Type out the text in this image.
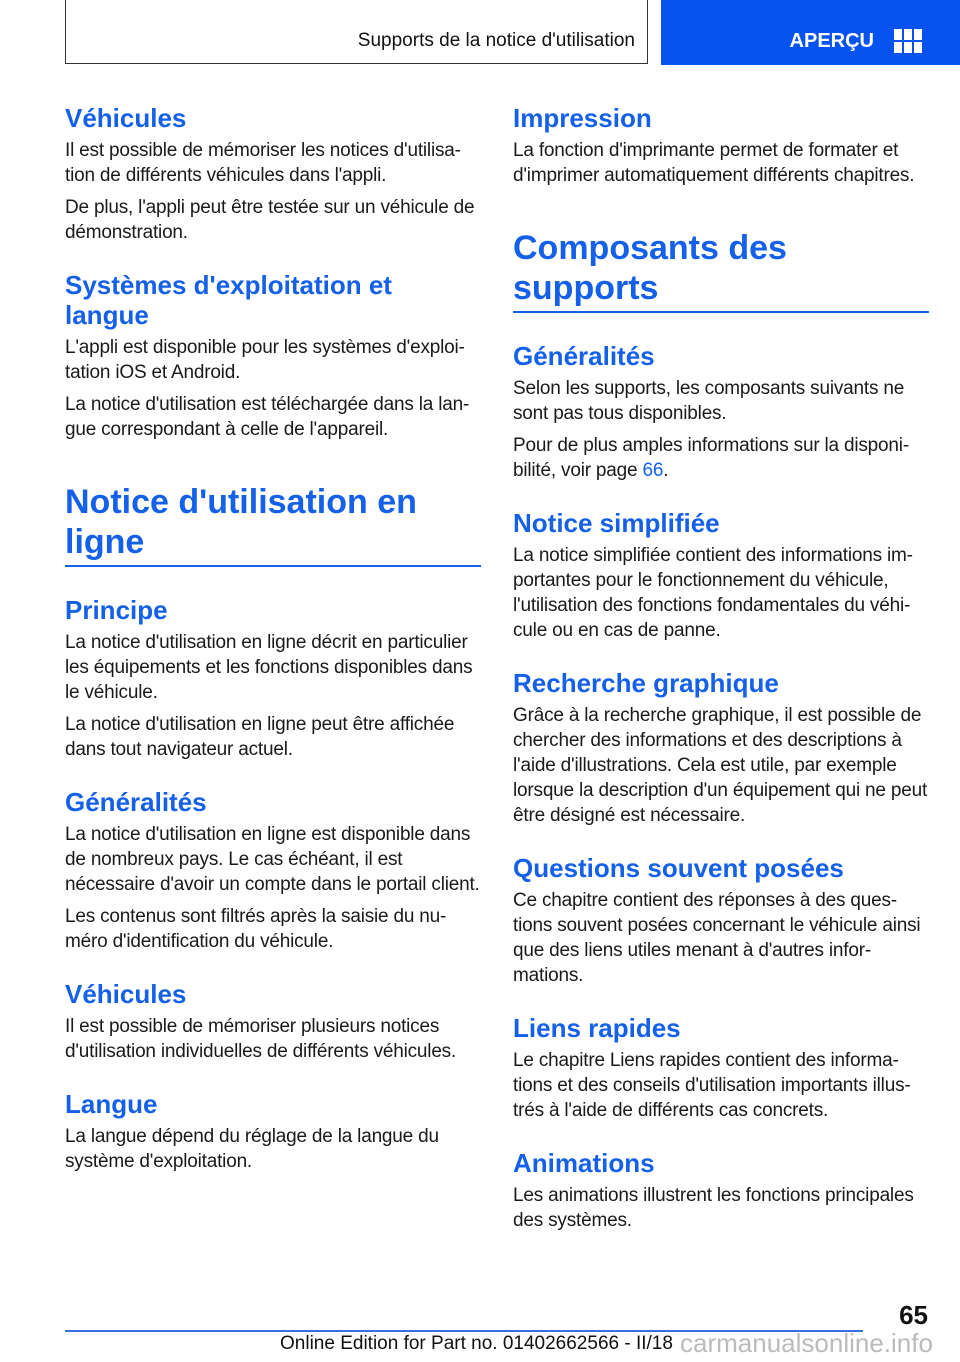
Supports de la notice d'utilisation	APERÇU
Véhicules
Il est possible de mémoriser les notices d'utilisation de différents véhicules dans l'appli.
De plus, l'appli peut être testée sur un véhicule de démonstration.
Systèmes d'exploitation et langue
L'appli est disponible pour les systèmes d'exploitation iOS et Android.
La notice d'utilisation est téléchargée dans la langue correspondant à celle de l'appareil.
Notice d'utilisation en ligne
Principe
La notice d'utilisation en ligne décrit en particulier les équipements et les fonctions disponibles dans le véhicule.
La notice d'utilisation en ligne peut être affichée dans tout navigateur actuel.
Généralités
La notice d'utilisation en ligne est disponible dans de nombreux pays. Le cas échéant, il est nécessaire d'avoir un compte dans le portail client.
Les contenus sont filtrés après la saisie du numéro d'identification du véhicule.
Véhicules
Il est possible de mémoriser plusieurs notices d'utilisation individuelles de différents véhicules.
Langue
La langue dépend du réglage de la langue du système d'exploitation.
Impression
La fonction d'imprimante permet de formater et d'imprimer automatiquement différents chapitres.
Composants des supports
Généralités
Selon les supports, les composants suivants ne sont pas tous disponibles.
Pour de plus amples informations sur la disponibilité, voir page 66.
Notice simplifiée
La notice simplifiée contient des informations importantes pour le fonctionnement du véhicule, l'utilisation des fonctions fondamentales du véhicule ou en cas de panne.
Recherche graphique
Grâce à la recherche graphique, il est possible de chercher des informations et des descriptions à l'aide d'illustrations. Cela est utile, par exemple lorsque la description d'un équipement qui ne peut être désigné est nécessaire.
Questions souvent posées
Ce chapitre contient des réponses à des questions souvent posées concernant le véhicule ainsi que des liens utiles menant à d'autres informations.
Liens rapides
Le chapitre Liens rapides contient des informations et des conseils d'utilisation importants illustrés à l'aide de différents cas concrets.
Animations
Les animations illustrent les fonctions principales des systèmes.
65
Online Edition for Part no. 01402662566 - II/18 carmanualsonline.info
